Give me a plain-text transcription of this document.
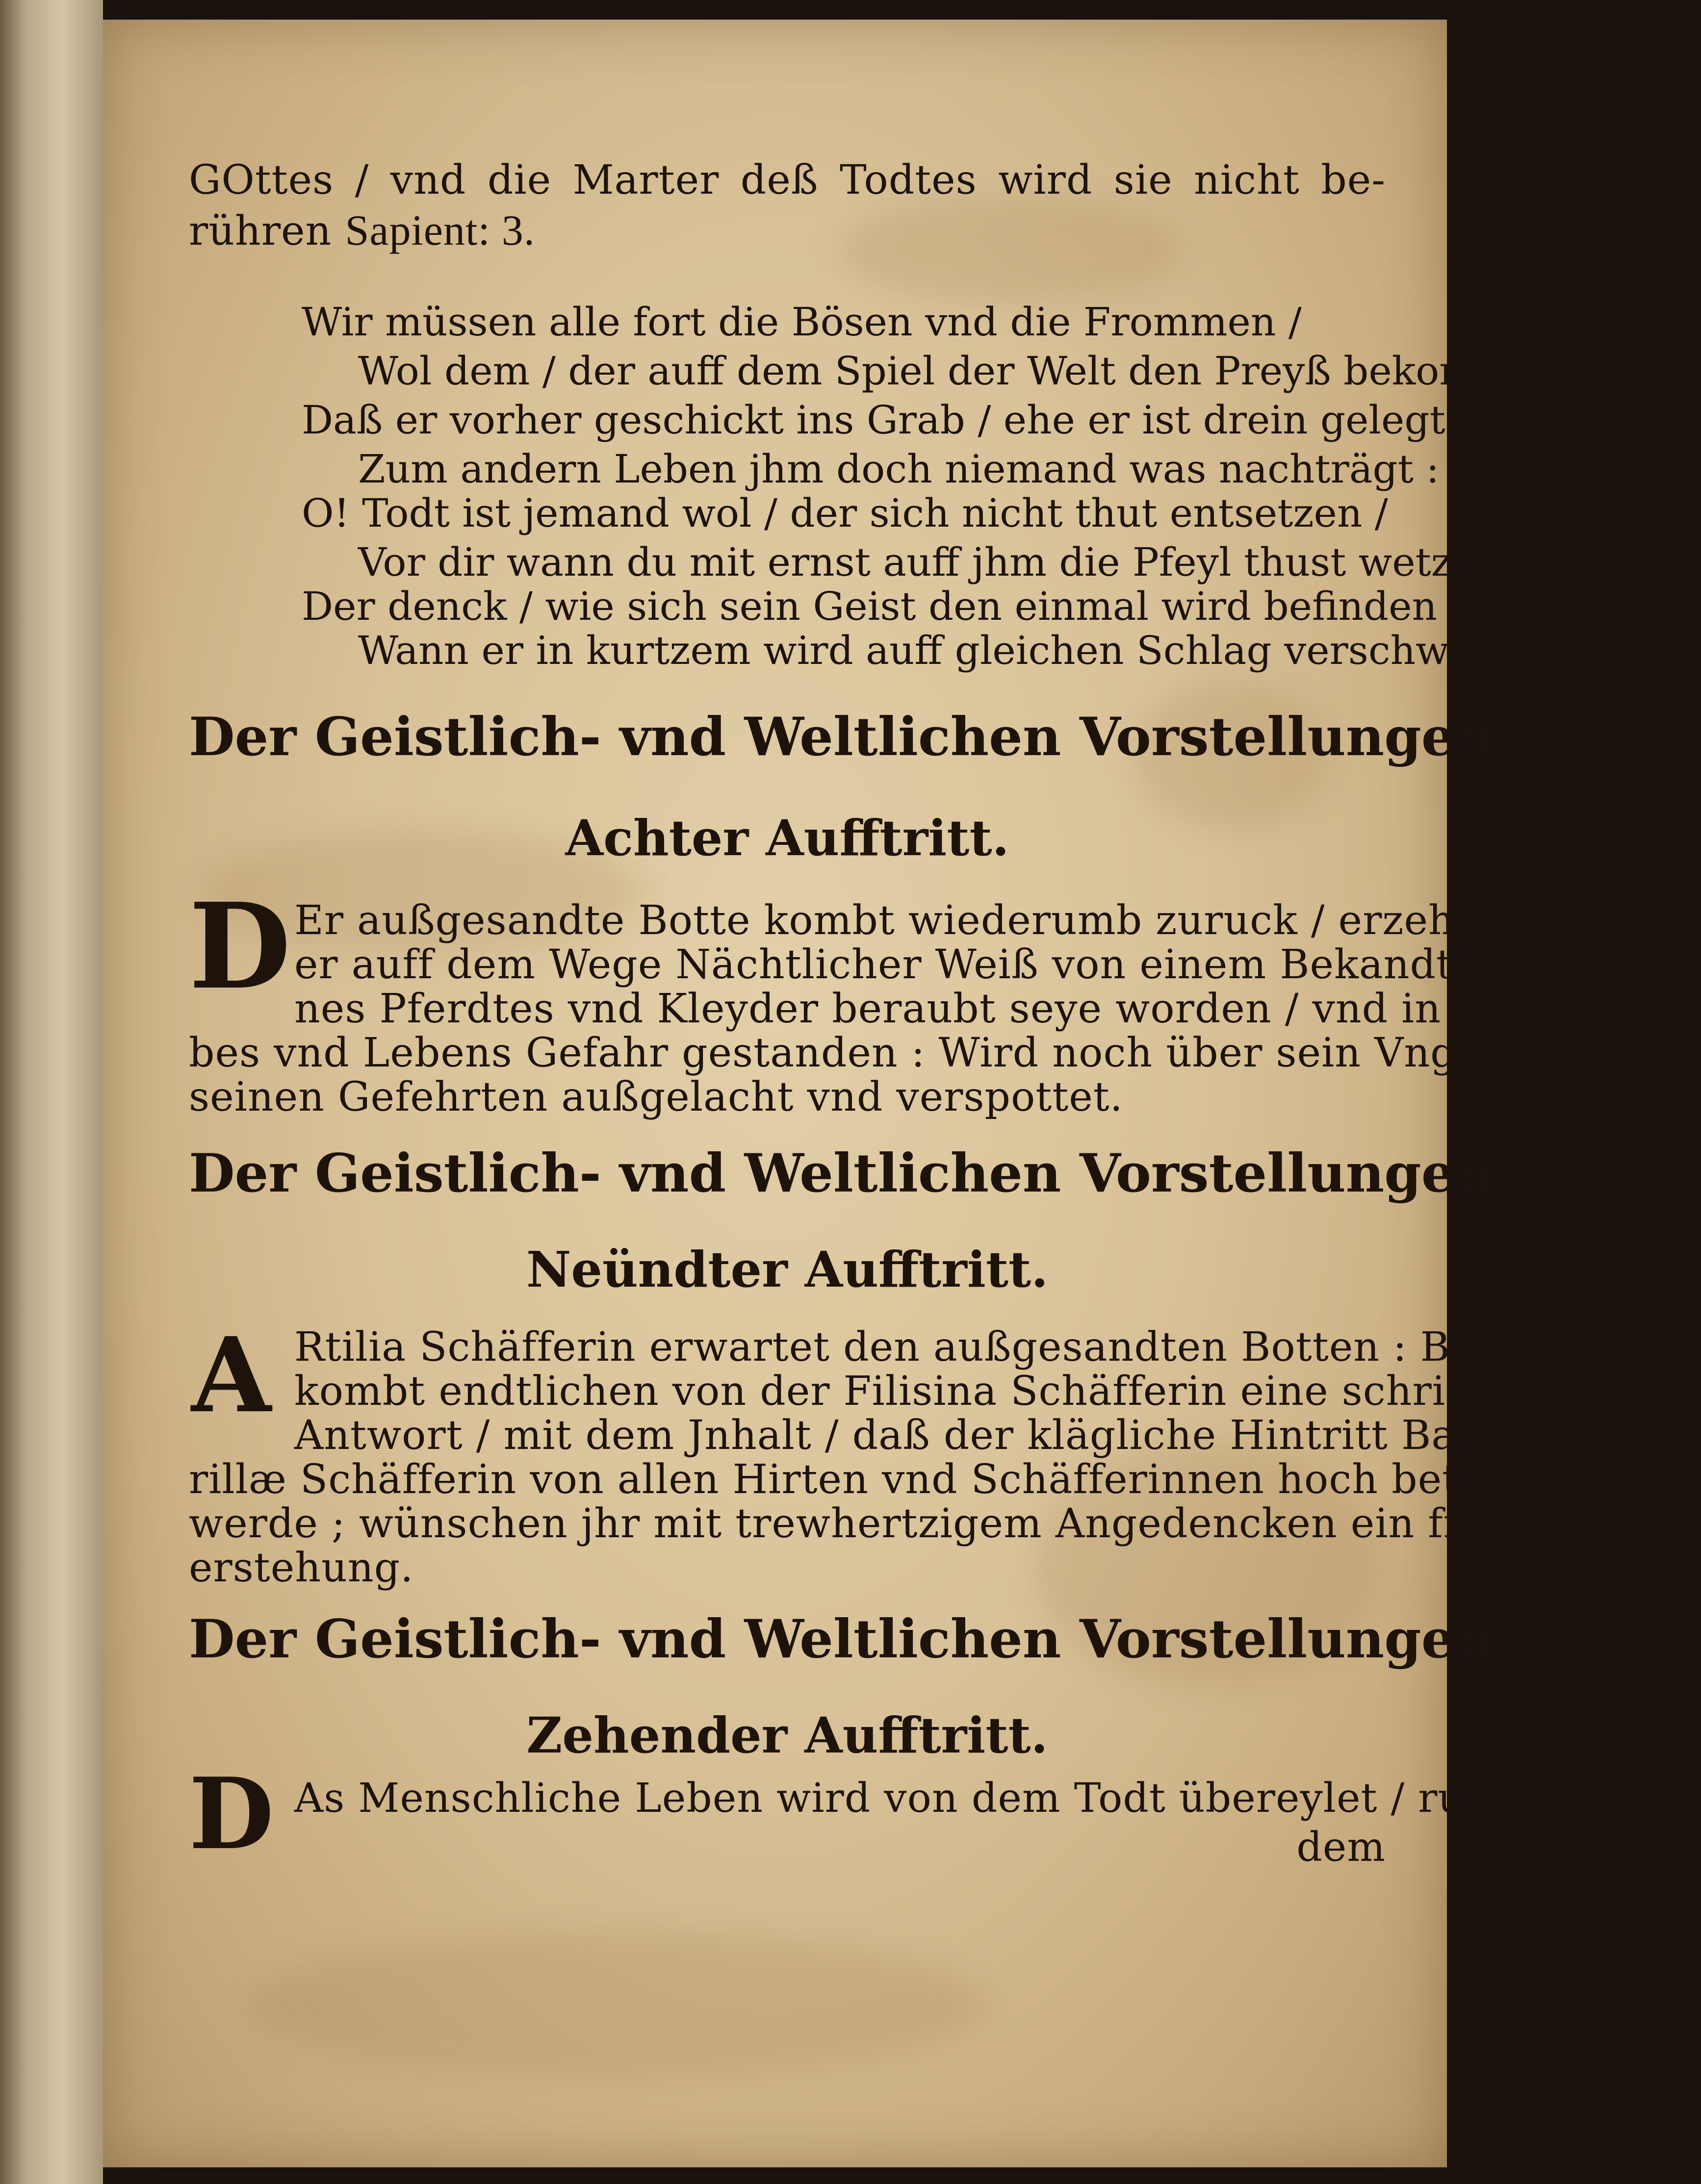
GOttes / vnd die Marter deß Todtes wird sie nicht be-
rühren Sapient: 3.
Wir müssen alle fort die Bösen vnd die Frommen /
Wol dem / der auff dem Spiel der Welt den Preyß bekommen /
Daß er vorher geschickt ins Grab / ehe er ist drein gelegt /
Zum andern Leben jhm doch niemand was nachträgt :
O! Todt ist jemand wol / der sich nicht thut entsetzen /
Vor dir wann du mit ernst auff jhm die Pfeyl thust wetzen ?
Der denck / wie sich sein Geist den einmal wird befinden /
Wann er in kurtzem wird auff gleichen Schlag verschwinden.
Der Geistlich- vnd Weltlichen Vorstellungen
Achter Aufftritt.
D Er außgesandte Botte kombt wiederumb zuruck / erzehlet wie
er auff dem Wege Nächtlicher Weiß von einem Bekandten sei-
nes Pferdtes vnd Kleyder beraubt seye worden / vnd in Lei-
bes vnd Lebens Gefahr gestanden : Wird noch über sein Vnglück von
seinen Gefehrten außgelacht vnd verspottet.
Der Geistlich- vnd Weltlichen Vorstellungen
Neündter Aufftritt.
A Rtilia Schäfferin erwartet den außgesandten Botten : Be-
kombt endtlichen von der Filisina Schäfferin eine schrifftliche
Antwort / mit dem Jnhalt / daß der klägliche Hintritt Barba-
rillæ Schäfferin von allen Hirten vnd Schäfferinnen hoch betrawret
werde ; wünschen jhr mit trewhertzigem Angedencken ein fröliche Auff-
erstehung.
Der Geistlich- vnd Weltlichen Vorstellungen
Zehender Aufftritt.
D As Menschliche Leben wird von dem Todt übereylet / ruffet zu
dem
